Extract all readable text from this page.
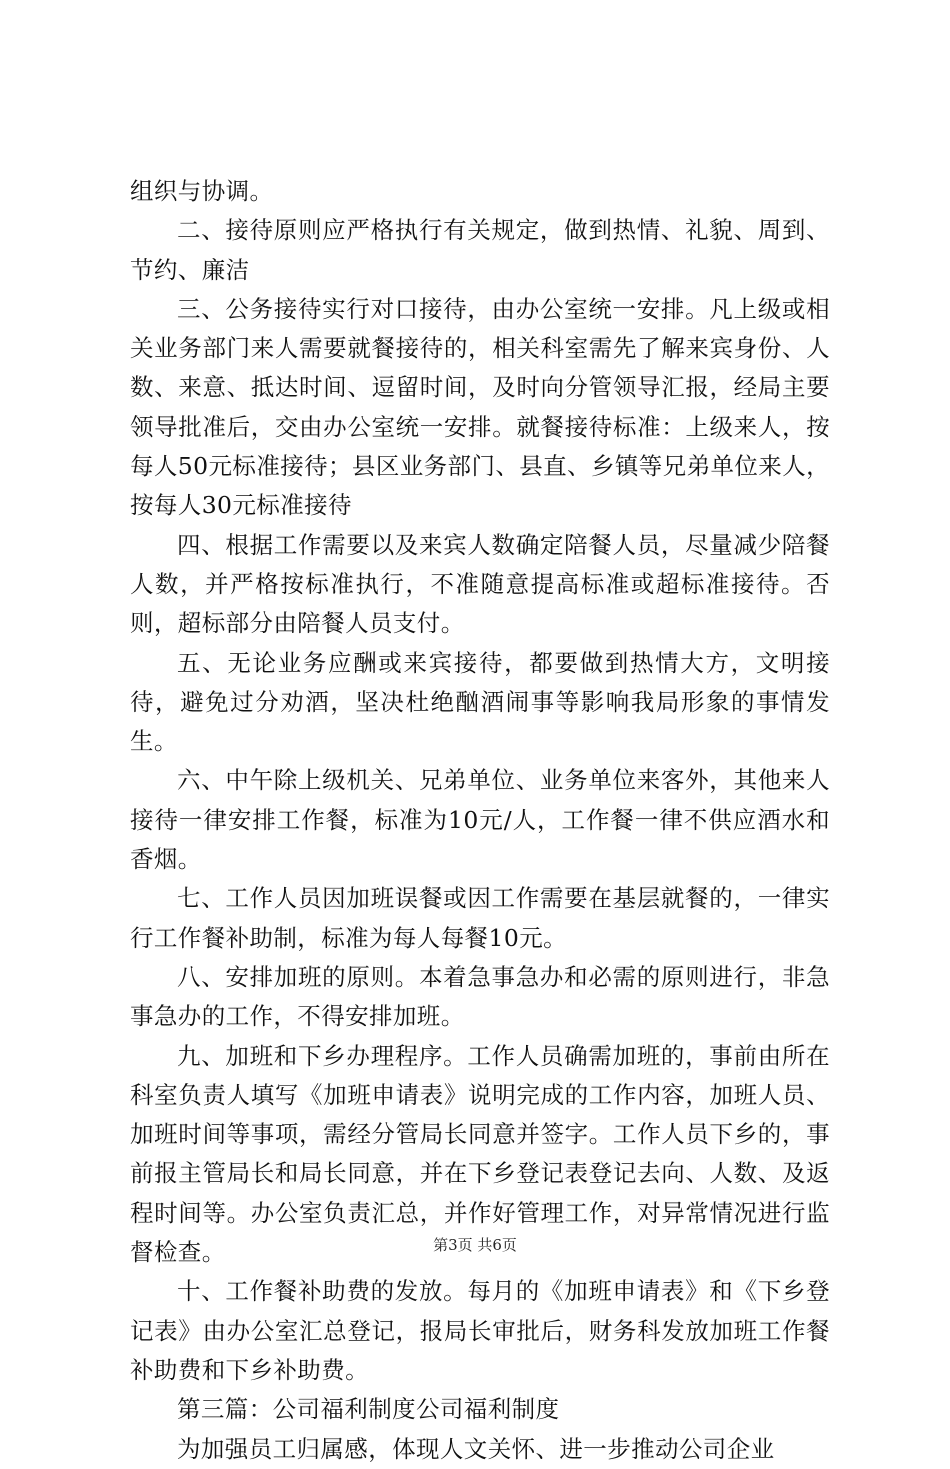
组织与协调。

二、接待原则应严格执行有关规定，做到热情、礼貌、周到、节约、廉洁

三、公务接待实行对口接待，由办公室统一安排。凡上级或相关业务部门来人需要就餐接待的，相关科室需先了解来宾身份、人数、来意、抵达时间、逗留时间，及时向分管领导汇报，经局主要领导批准后，交由办公室统一安排。就餐接待标准：上级来人，按每人50元标准接待；县区业务部门、县直、乡镇等兄弟单位来人，按每人30元标准接待

四、根据工作需要以及来宾人数确定陪餐人员，尽量减少陪餐人数，并严格按标准执行，不准随意提高标准或超标准接待。否则，超标部分由陪餐人员支付。

五、无论业务应酬或来宾接待，都要做到热情大方，文明接待，避免过分劝酒，坚决杜绝酗酒闹事等影响我局形象的事情发生。

六、中午除上级机关、兄弟单位、业务单位来客外，其他来人接待一律安排工作餐，标准为10元/人，工作餐一律不供应酒水和香烟。

七、工作人员因加班误餐或因工作需要在基层就餐的，一律实行工作餐补助制，标准为每人每餐10元。

八、安排加班的原则。本着急事急办和必需的原则进行，非急事急办的工作，不得安排加班。

九、加班和下乡办理程序。工作人员确需加班的，事前由所在科室负责人填写《加班申请表》说明完成的工作内容，加班人员、加班时间等事项，需经分管局长同意并签字。工作人员下乡的，事前报主管局长和局长同意，并在下乡登记表登记去向、人数、及返程时间等。办公室负责汇总，并作好管理工作，对异常情况进行监督检查。

十、工作餐补助费的发放。每月的《加班申请表》和《下乡登记表》由办公室汇总登记，报局长审批后，财务科发放加班工作餐补助费和下乡补助费。

第三篇：公司福利制度公司福利制度

为加强员工归属感，体现人文关怀、进一步推动公司企业

第3页 共6页
